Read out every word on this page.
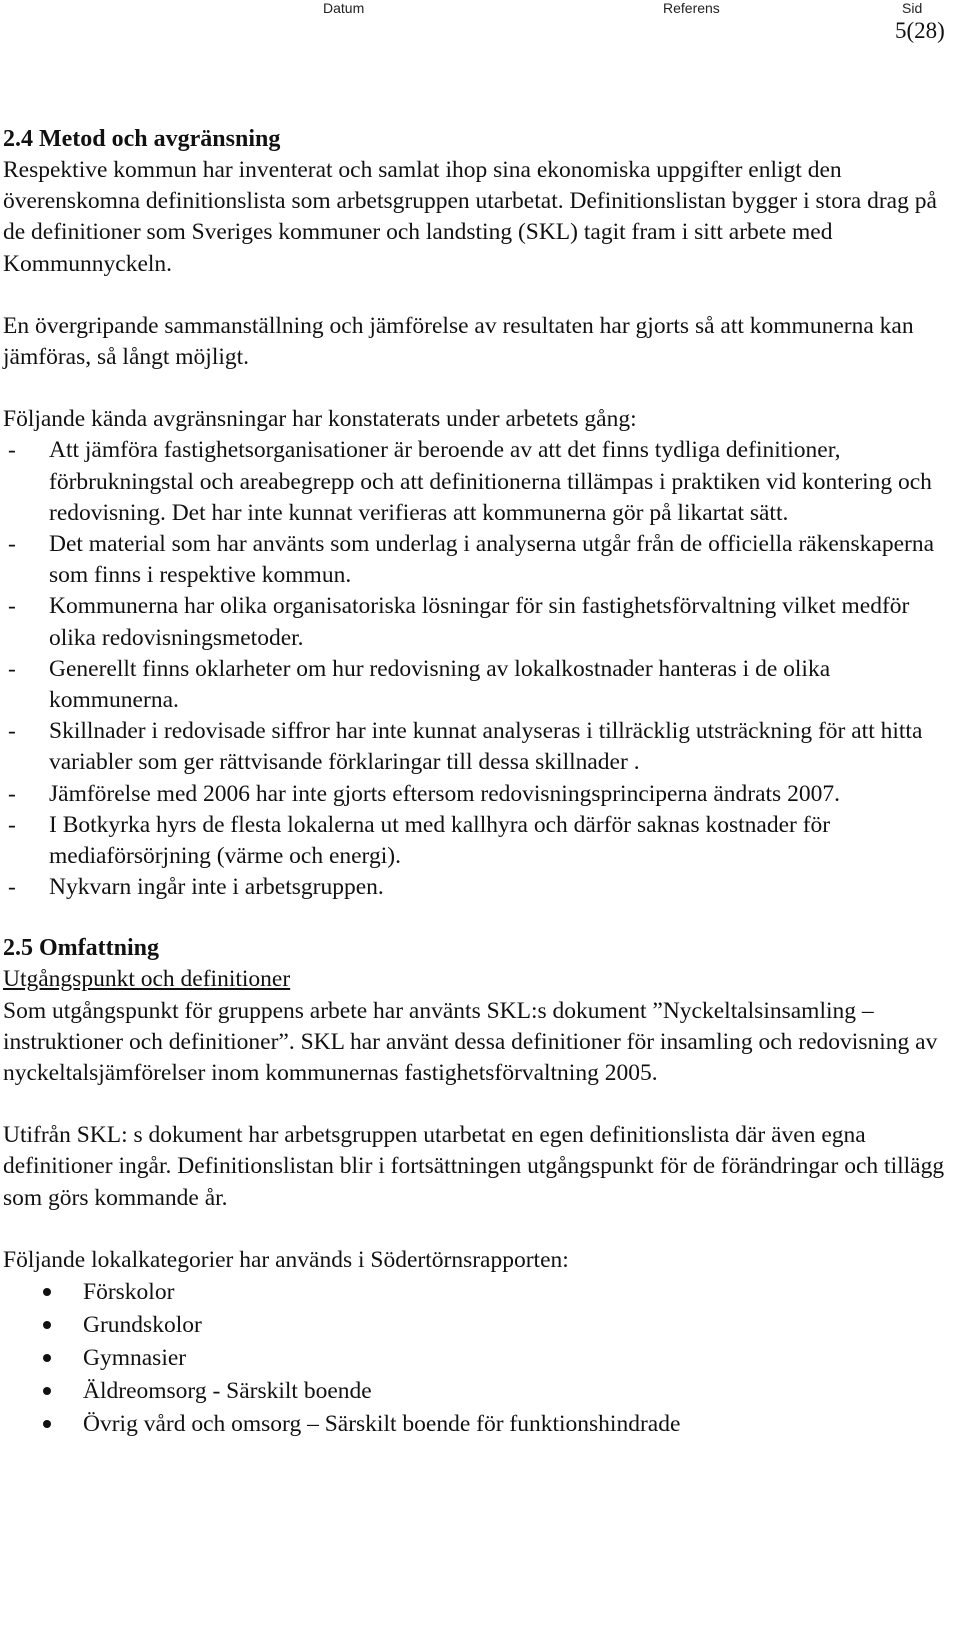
Datum	Referens	Sid
5(28)
2.4 Metod och avgränsning

Respektive kommun har inventerat och samlat ihop sina ekonomiska uppgifter enligt den överenskomna definitionslista som arbetsgruppen utarbetat. Definitionslistan bygger i stora drag på de definitioner som Sveriges kommuner och landsting (SKL) tagit fram i sitt arbete med Kommunnyckeln.

En övergripande sammanställning och jämförelse av resultaten har gjorts så att kommunerna kan jämföras, så långt möjligt.

Följande kända avgränsningar har konstaterats under arbetets gång:

- Att jämföra fastighetsorganisationer är beroende av att det finns tydliga definitioner, förbrukningstal och areabegrepp och att definitionerna tillämpas i praktiken vid kontering och redovisning. Det har inte kunnat verifieras att kommunerna gör på likartat sätt.
- Det material som har använts som underlag i analyserna utgår från de officiella räkenskaperna som finns i respektive kommun.
- Kommunerna har olika organisatoriska lösningar för sin fastighetsförvaltning vilket medför olika redovisningsmetoder.
- Generellt finns oklarheter om hur redovisning av lokalkostnader hanteras i de olika kommunerna.
- Skillnader i redovisade siffror har inte kunnat analyseras i tillräcklig utsträckning för att hitta variabler som ger rättvisande förklaringar till dessa skillnader .
- Jämförelse med 2006 har inte gjorts eftersom redovisningsprinciperna ändrats 2007.
- I Botkyrka hyrs de flesta lokalerna ut med kallhyra och därför saknas kostnader för mediaförsörjning (värme och energi).
- Nykvarn ingår inte i arbetsgruppen.
2.5 Omfattning

Utgångspunkt och definitioner

Som utgångspunkt för gruppens arbete har använts SKL:s dokument ”Nyckeltalsinsamling – instruktioner och definitioner”. SKL har använt dessa definitioner för insamling och redovisning av nyckeltalsjämförelser inom kommunernas fastighetsförvaltning 2005.

Utifrån SKL: s dokument har arbetsgruppen utarbetat en egen definitionslista där även egna definitioner ingår. Definitionslistan blir i fortsättningen utgångspunkt för de förändringar och tillägg som görs kommande år.

Följande lokalkategorier har används i Södertörnsrapporten:

Förskolor
Grundskolor
Gymnasier
Äldreomsorg - Särskilt boende
Övrig vård och omsorg – Särskilt boende för funktionshindrade
